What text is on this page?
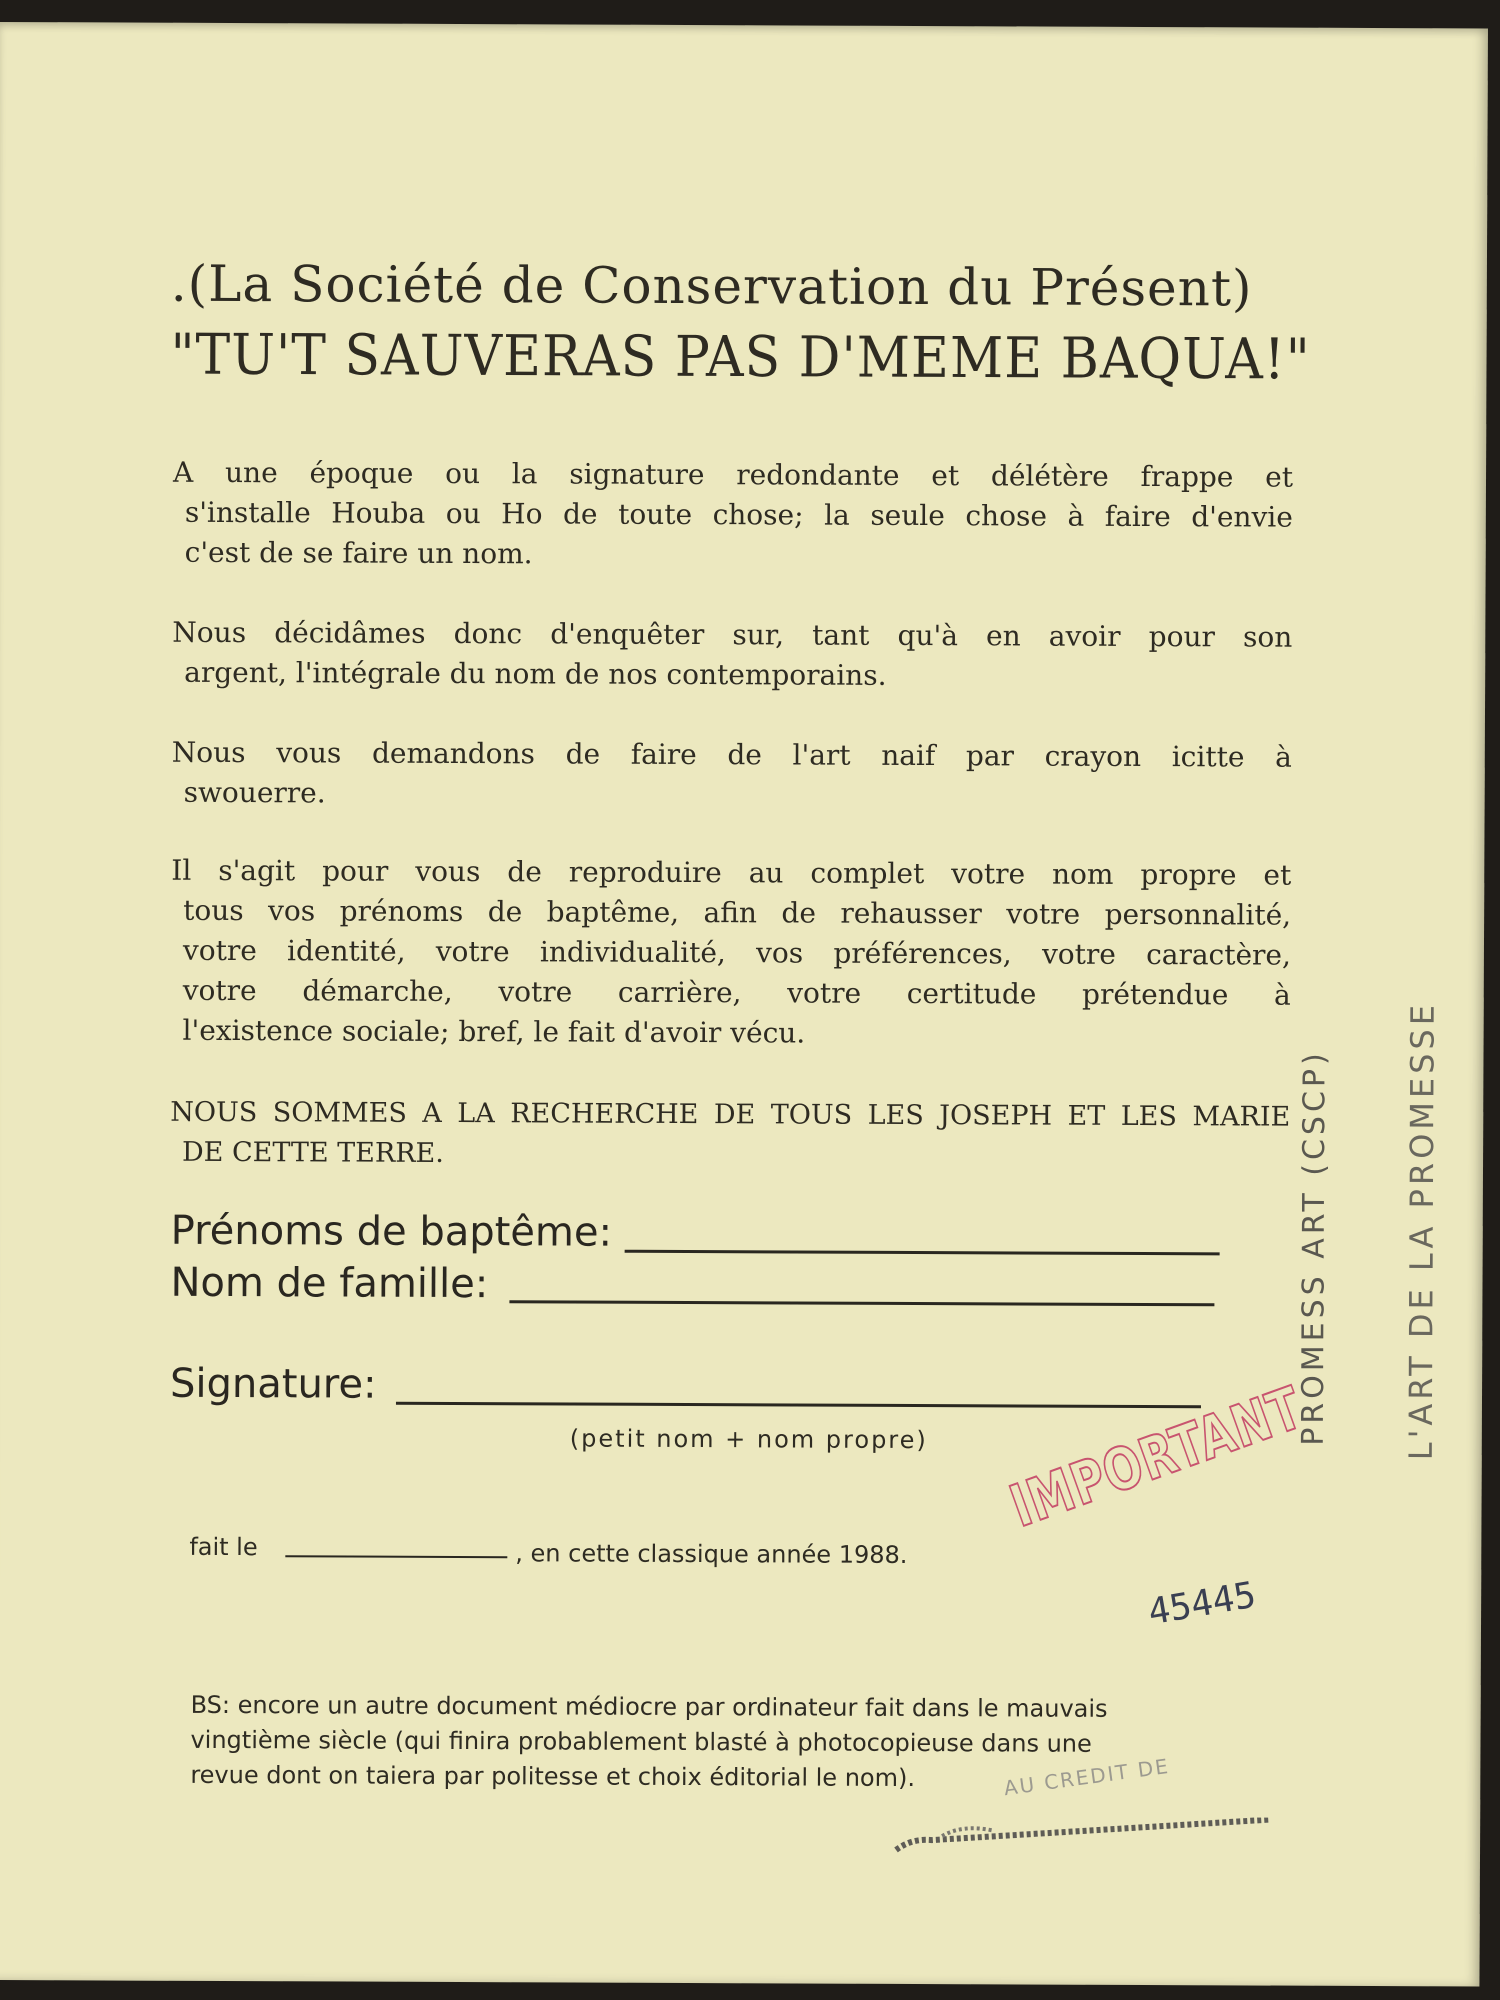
.(La Société de Conservation du Présent)
"TU'T SAUVERAS PAS D'MEME BAQUA!"
A une époque ou la signature redondante et délétère frappe et
s'installe Houba ou Ho de toute chose; la seule chose à faire d'envie
c'est de se faire un nom.
Nous décidâmes donc d'enquêter sur, tant qu'à en avoir pour son
argent, l'intégrale du nom de nos contemporains.
Nous vous demandons de faire de l'art naif par crayon icitte à
swouerre.
Il s'agit pour vous de reproduire au complet votre nom propre et
tous vos prénoms de baptême, afin de rehausser votre personnalité,
votre identité, votre individualité, vos préférences, votre caractère,
votre démarche, votre carrière, votre certitude prétendue à
l'existence sociale; bref, le fait d'avoir vécu.
NOUS SOMMES A LA RECHERCHE DE TOUS LES JOSEPH ET LES MARIE
DE CETTE TERRE.
Prénoms de baptême:
Nom de famille:
Signature:
(petit nom + nom propre)
fait le	, en cette classique année 1988.
IMPORTANT
45445
PROMESS ART (CSCP) L'ART DE LA PROMESSE

BS: encore un autre document médiocre par ordinateur fait dans le mauvais

vingtième siècle (qui finira probablement blasté à photocopieuse dans une

revue dont on taiera par politesse et choix éditorial le nom).	AU CREDIT DE
